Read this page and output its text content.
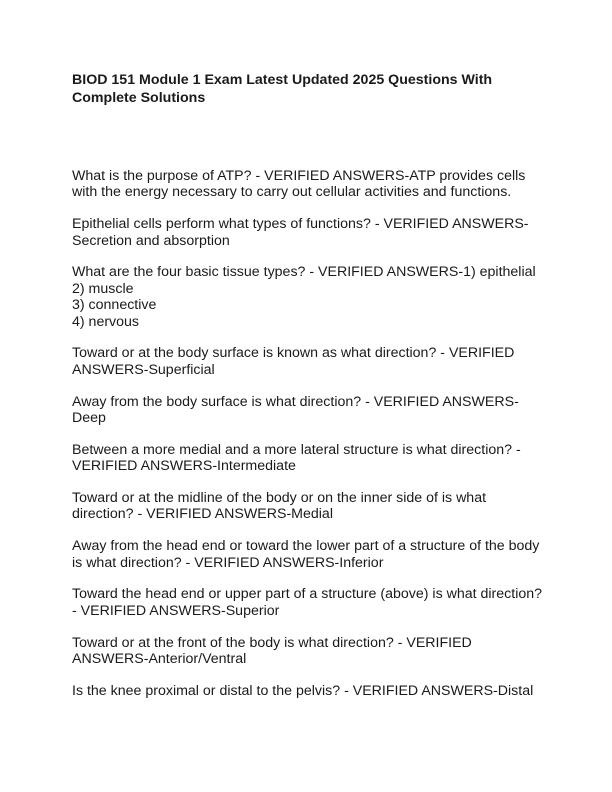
BIOD 151 Module 1 Exam Latest Updated 2025 Questions With Complete Solutions

What is the purpose of ATP? - VERIFIED ANSWERS-ATP provides cells
with the energy necessary to carry out cellular activities and functions.

Epithelial cells perform what types of functions? - VERIFIED ANSWERS-
Secretion and absorption

What are the four basic tissue types? - VERIFIED ANSWERS-1) epithelial
2) muscle
3) connective
4) nervous

Toward or at the body surface is known as what direction? - VERIFIED
ANSWERS-Superficial

Away from the body surface is what direction? - VERIFIED ANSWERS-
Deep

Between a more medial and a more lateral structure is what direction? -
VERIFIED ANSWERS-Intermediate

Toward or at the midline of the body or on the inner side of is what
direction? - VERIFIED ANSWERS-Medial

Away from the head end or toward the lower part of a structure of the body
is what direction? - VERIFIED ANSWERS-Inferior

Toward the head end or upper part of a structure (above) is what direction?
- VERIFIED ANSWERS-Superior

Toward or at the front of the body is what direction? - VERIFIED
ANSWERS-Anterior/Ventral

Is the knee proximal or distal to the pelvis? - VERIFIED ANSWERS-Distal
